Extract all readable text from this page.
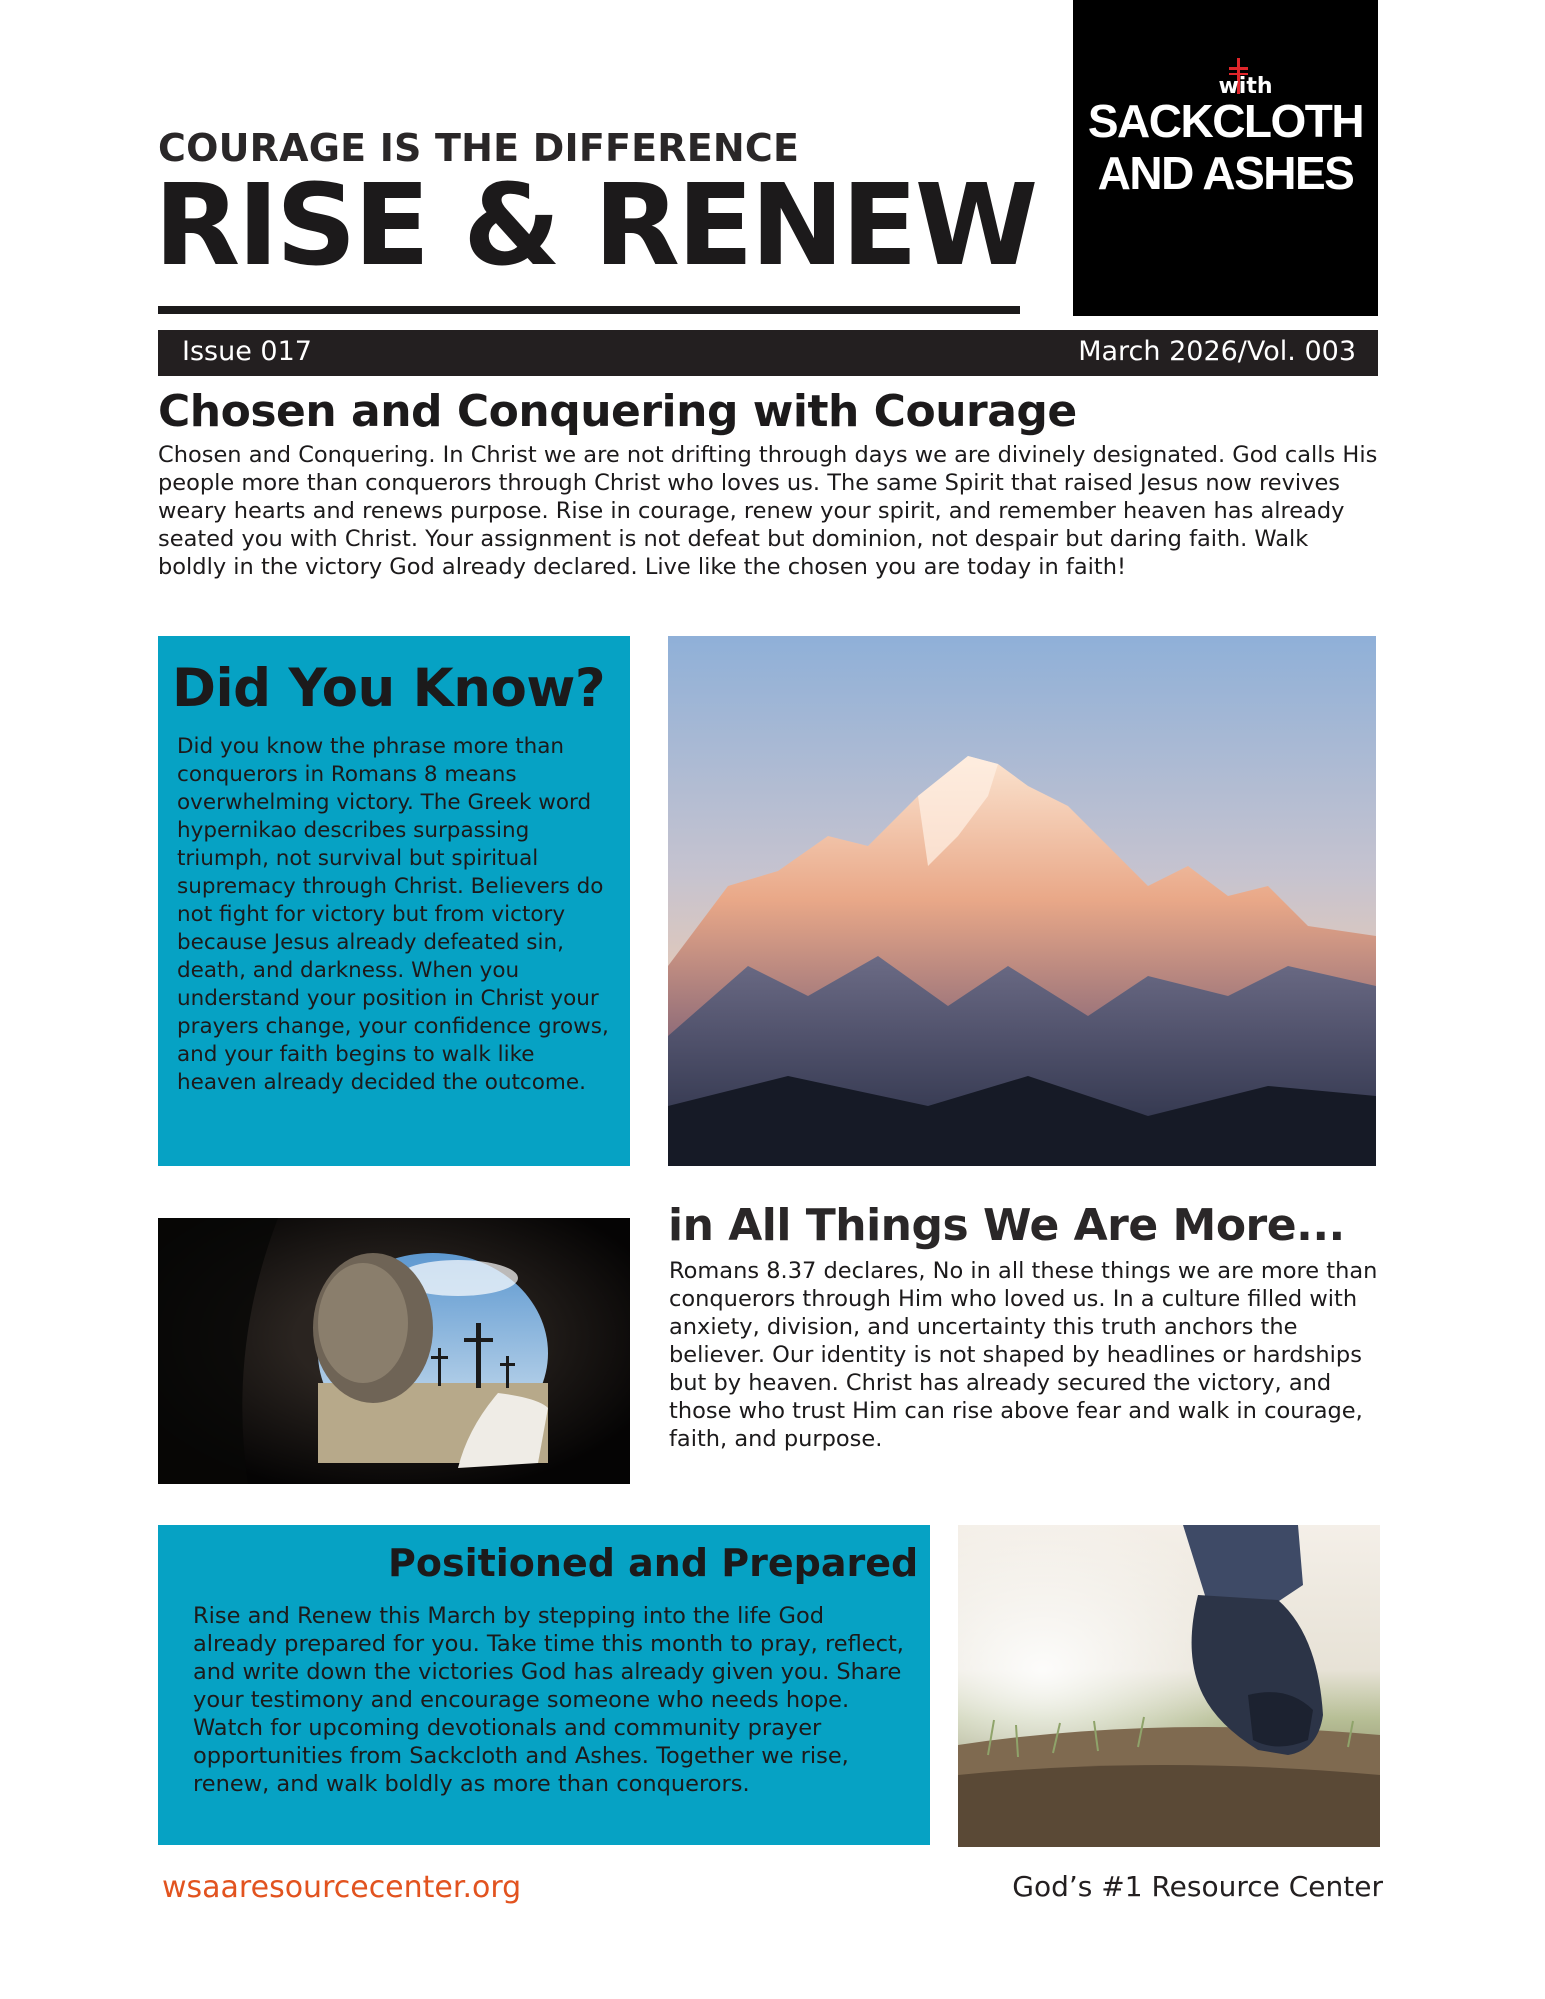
COURAGE IS THE DIFFERENCE
RISE & RENEW
with
SACKCLOTH
AND ASHES
Issue 017	March 2026/Vol. 003
Chosen and Conquering with Courage
Chosen and Conquering. In Christ we are not drifting through days we are divinely designated. God calls His people more than conquerors through Christ who loves us. The same Spirit that raised Jesus now revives weary hearts and renews purpose. Rise in courage, renew your spirit, and remember heaven has already seated you with Christ. Your assignment is not defeat but dominion, not despair but daring faith. Walk boldly in the victory God already declared. Live like the chosen you are today in faith!
Did You Know?
Did you know the phrase more than conquerors in Romans 8 means overwhelming victory. The Greek word hypernikao describes surpassing triumph, not survival but spiritual supremacy through Christ. Believers do not fight for victory but from victory because Jesus already defeated sin, death, and darkness. When you understand your position in Christ your prayers change, your confidence grows, and your faith begins to walk like heaven already decided the outcome.
in All Things We Are More...
Romans 8.37 declares, No in all these things we are more than conquerors through Him who loved us. In a culture filled with anxiety, division, and uncertainty this truth anchors the believer. Our identity is not shaped by headlines or hardships but by heaven. Christ has already secured the victory, and those who trust Him can rise above fear and walk in courage, faith, and purpose.
Positioned and Prepared
Rise and Renew this March by stepping into the life God already prepared for you. Take time this month to pray, reflect, and write down the victories God has already given you. Share your testimony and encourage someone who needs hope. Watch for upcoming devotionals and community prayer opportunities from Sackcloth and Ashes. Together we rise, renew, and walk boldly as more than conquerors.
wsaaresourcecenter.org	God’s #1 Resource Center
